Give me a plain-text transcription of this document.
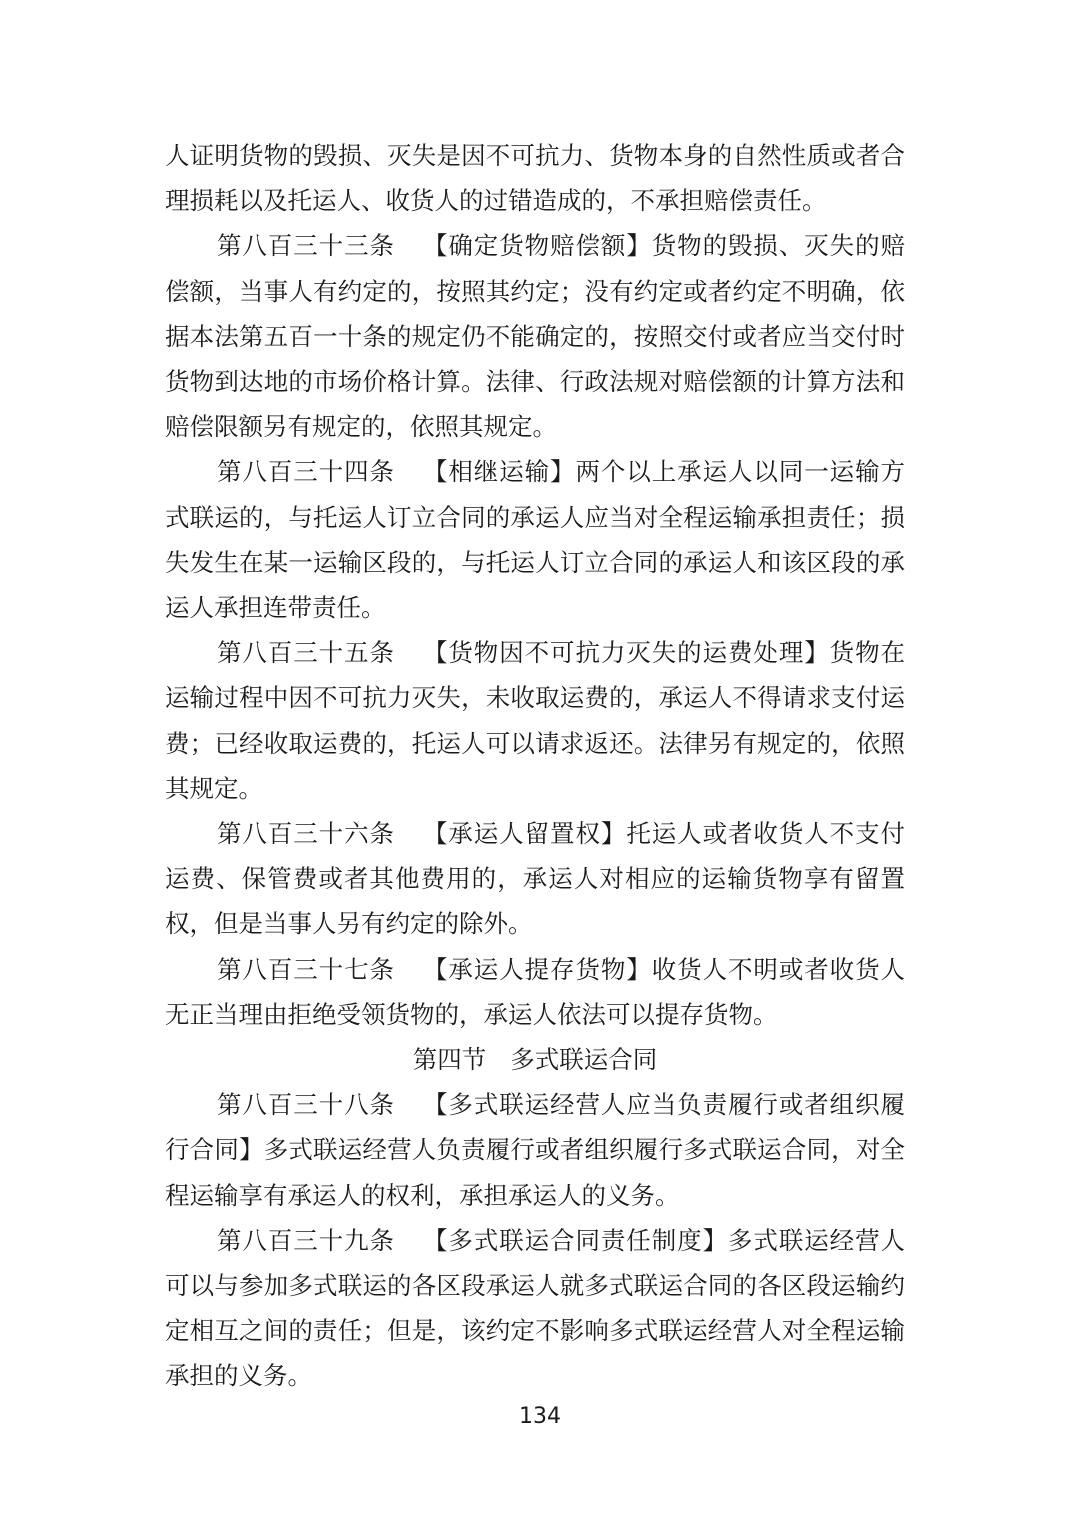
人证明货物的毁损、灭失是因不可抗力、货物本身的自然性质或者合理损耗以及托运人、收货人的过错造成的，不承担赔偿责任。

第八百三十三条 【确定货物赔偿额】货物的毁损、灭失的赔偿额，当事人有约定的，按照其约定；没有约定或者约定不明确，依据本法第五百一十条的规定仍不能确定的，按照交付或者应当交付时货物到达地的市场价格计算。法律、行政法规对赔偿额的计算方法和赔偿限额另有规定的，依照其规定。

第八百三十四条 【相继运输】两个以上承运人以同一运输方式联运的，与托运人订立合同的承运人应当对全程运输承担责任；损失发生在某一运输区段的，与托运人订立合同的承运人和该区段的承运人承担连带责任。

第八百三十五条 【货物因不可抗力灭失的运费处理】货物在运输过程中因不可抗力灭失，未收取运费的，承运人不得请求支付运费；已经收取运费的，托运人可以请求返还。法律另有规定的，依照其规定。

第八百三十六条 【承运人留置权】托运人或者收货人不支付运费、保管费或者其他费用的，承运人对相应的运输货物享有留置权，但是当事人另有约定的除外。

第八百三十七条 【承运人提存货物】收货人不明或者收货人无正当理由拒绝受领货物的，承运人依法可以提存货物。

第四节 多式联运合同

第八百三十八条 【多式联运经营人应当负责履行或者组织履行合同】多式联运经营人负责履行或者组织履行多式联运合同，对全程运输享有承运人的权利，承担承运人的义务。

第八百三十九条 【多式联运合同责任制度】多式联运经营人可以与参加多式联运的各区段承运人就多式联运合同的各区段运输约定相互之间的责任；但是，该约定不影响多式联运经营人对全程运输承担的义务。

134
